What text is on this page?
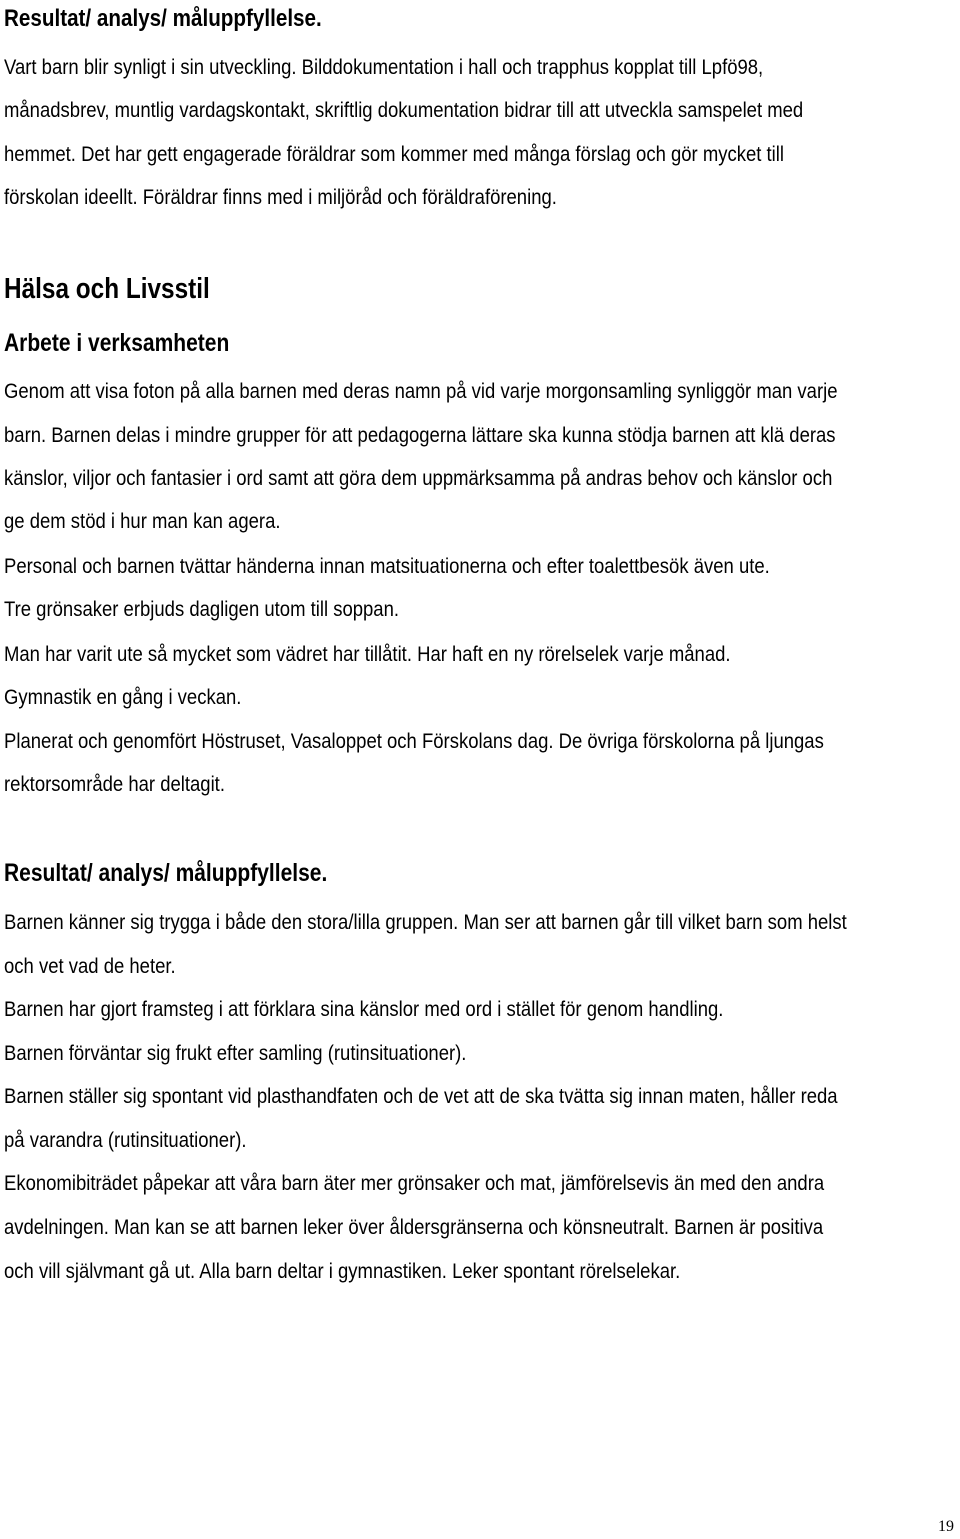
Resultat/ analys/ måluppfyllelse.
Vart barn blir synligt i sin utveckling. Bilddokumentation i hall och trapphus kopplat till Lpfö98,
månadsbrev, muntlig vardagskontakt, skriftlig dokumentation bidrar till att utveckla samspelet med
hemmet. Det har gett engagerade föräldrar som kommer med många förslag och gör mycket till
förskolan ideellt. Föräldrar finns med i miljöråd och föräldraförening.
Hälsa och Livsstil
Arbete i verksamheten
Genom att visa foton på alla barnen med deras namn på vid varje morgonsamling synliggör man varje
barn. Barnen delas i mindre grupper för att pedagogerna lättare ska kunna stödja barnen att klä deras
känslor, viljor och fantasier i ord samt att göra dem uppmärksamma på andras behov och känslor och
ge dem stöd i hur man kan agera.
Personal och barnen tvättar händerna innan matsituationerna och efter toalettbesök även ute.
Tre grönsaker erbjuds dagligen utom till soppan.
Man har varit ute så mycket som vädret har tillåtit. Har haft en ny rörelselek varje månad.
Gymnastik en gång i veckan.
Planerat och genomfört Höstruset, Vasaloppet och Förskolans dag. De övriga förskolorna på ljungas
rektorsområde har deltagit.
Resultat/ analys/ måluppfyllelse.
Barnen känner sig trygga i både den stora/lilla gruppen. Man ser att barnen går till vilket barn som helst
och vet vad de heter.
Barnen har gjort framsteg i att förklara sina känslor med ord i stället för genom handling.
Barnen förväntar sig frukt efter samling (rutinsituationer).
Barnen ställer sig spontant vid plasthandfaten och de vet att de ska tvätta sig innan maten, håller reda
på varandra (rutinsituationer).
Ekonomibiträdet påpekar att våra barn äter mer grönsaker och mat, jämförelsevis än med den andra
avdelningen. Man kan se att barnen leker över åldersgränserna och könsneutralt. Barnen är positiva
och vill självmant gå ut. Alla barn deltar i gymnastiken. Leker spontant rörelselekar.
19
